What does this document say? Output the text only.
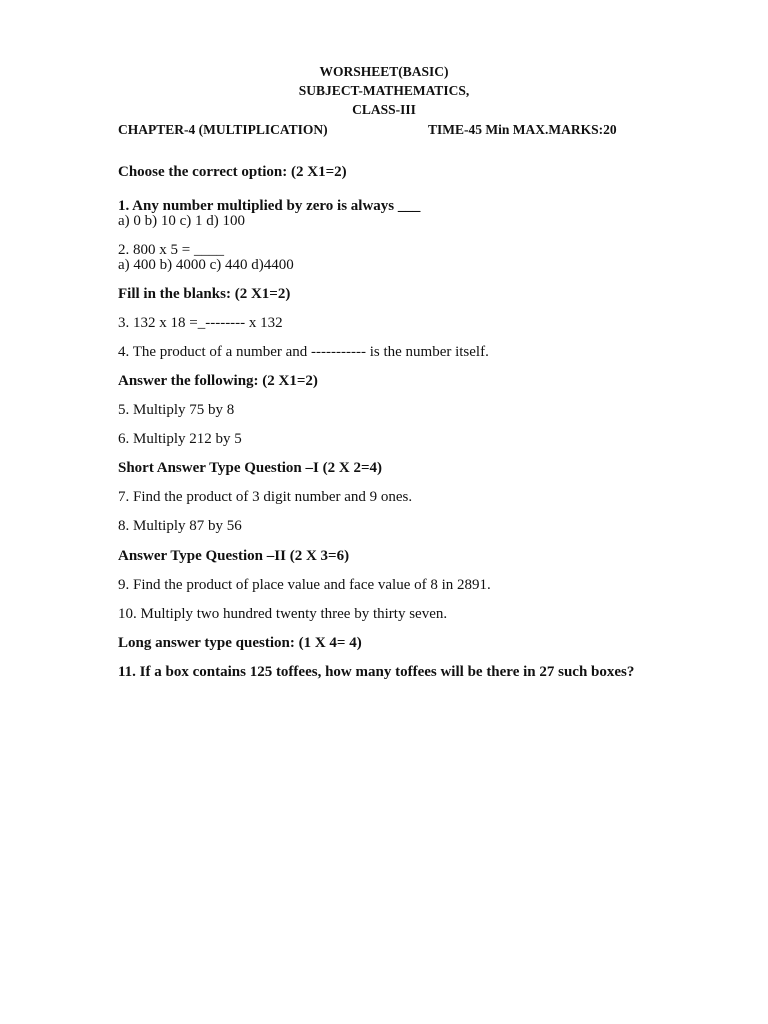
WORSHEET(BASIC)
SUBJECT-MATHEMATICS,
CLASS-III
CHAPTER-4 (MULTIPLICATION)	TIME-45 Min MAX.MARKS:20
Choose the correct option: (2 X1=2)
1. Any number multiplied by zero is always ___
a) 0 b) 10 c) 1 d) 100
2. 800 x 5 = ____
a) 400 b) 4000 c) 440 d)4400
Fill in the blanks: (2 X1=2)
3. 132 x 18 =_-------- x 132
4. The product of a number and ----------- is the number itself.
Answer the following: (2 X1=2)
5. Multiply 75 by 8
6. Multiply 212 by 5
Short Answer Type Question –I (2 X 2=4)
7. Find the product of 3 digit number and 9 ones.
8. Multiply 87 by 56
Answer Type Question –II (2 X 3=6)
9. Find the product of place value and face value of 8 in 2891.
10. Multiply two hundred twenty three by thirty seven.
Long answer type question: (1 X 4= 4)
11. If a box contains 125 toffees, how many toffees will be there in 27 such boxes?
